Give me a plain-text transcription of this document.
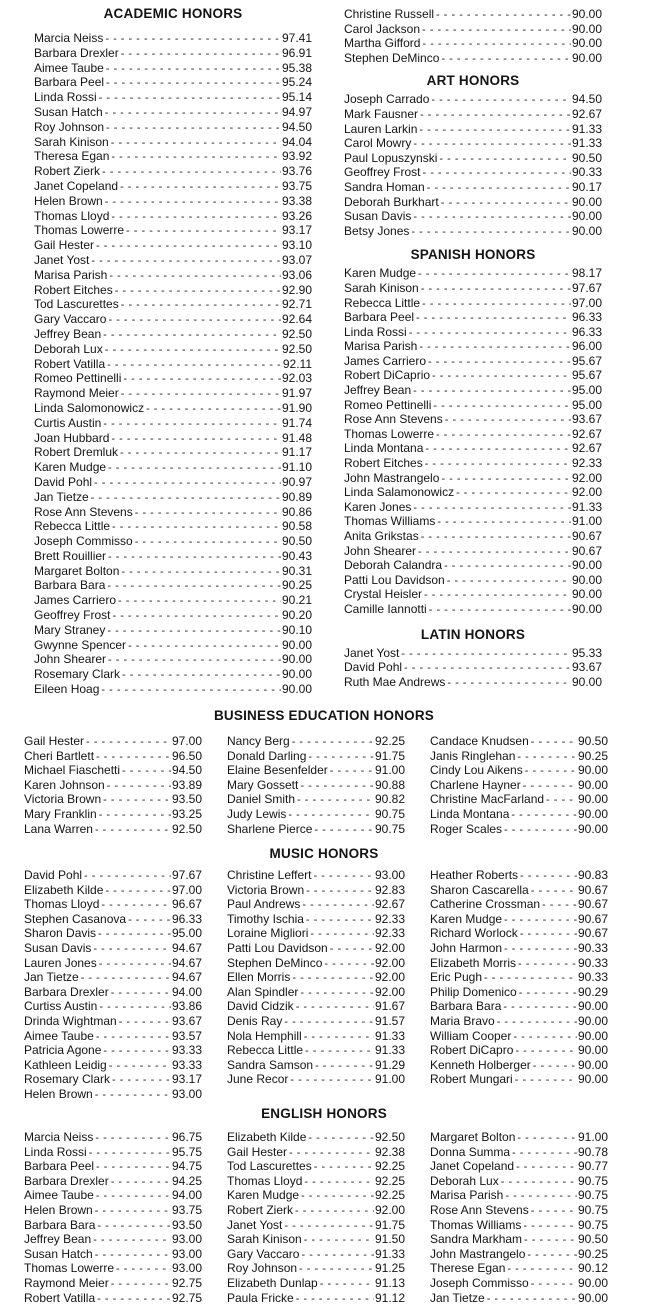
ACADEMIC HONORS
Marcia Neiss - - -	97.41
Barbara Drexler - - -	96.91
Aimee Taube - - -	95.38
Barbara Peel - - -	95.24
Linda Rossi - - -	95.14
Susan Hatch - - -	94.97
Roy Johnson - - -	94.50
Sarah Kinison - - -	94.04
Theresa Egan - - -	93.92
Robert Zierk - - -	93.76
Janet Copeland - - -	93.75
Helen Brown - - -	93.38
Thomas Lloyd - - -	93.26
Thomas Lowerre - - -	93.17
Gail Hester - - -	93.10
Janet Yost - - -	93.07
Marisa Parish - - -	93.06
Robert Eitches - - -	92.90
Tod Lascurettes - - -	92.71
Gary Vaccaro - - -	92.64
Jeffrey Bean - - -	92.50
Deborah Lux - - -	92.50
Robert Vatilla - - -	92.11
Romeo Pettinelli - - -	92.03
Raymond Meier - - -	91.97
Linda Salomonowicz - - -	91.90
Curtis Austin - - -	91.74
Joan Hubbard - - -	91.48
Robert Dremluk - - -	91.17
Karen Mudge - - -	91.10
David Pohl - - -	90.97
Jan Tietze - - -	90.89
Rose Ann Stevens - - -	90.86
Rebecca Little - - -	90.58
Joseph Commisso - - -	90.50
Brett Rouillier - - -	90.43
Margaret Bolton - - -	90.31
Barbara Bara - - -	90.25
James Carriero - - -	90.21
Geoffrey Frost - - -	90.20
Mary Straney - - -	90.10
Gwynne Spencer - - -	90.00
John Shearer - - -	90.00
Rosemary Clark - - -	90.00
Eileen Hoag - - -	90.00
Christine Russell - - -	90.00
Carol Jackson - - -	90.00
Martha Gifford - - -	90.00
Stephen DeMinco - - -	90.00
ART HONORS
Joseph Carrado - - -	94.50
Mark Fausner - - -	92.67
Lauren Larkin - - -	91.33
Carol Mowry - - -	91.33
Paul Lopuszynski - - -	90.50
Geoffrey Frost - - -	90.33
Sandra Homan - - -	90.17
Deborah Burkhart - - -	90.00
Susan Davis - - -	90.00
Betsy Jones - - -	90.00
SPANISH HONORS
Karen Mudge - - -	98.17
Sarah Kinison - - -	97.67
Rebecca Little - - -	97.00
Barbara Peel - - -	96.33
Linda Rossi - - -	96.33
Marisa Parish - - -	96.00
James Carriero - - -	95.67
Robert DiCaprio - - -	95.67
Jeffrey Bean - - -	95.00
Romeo Pettinelli - - -	95.00
Rose Ann Stevens - - -	93.67
Thomas Lowerre - - -	92.67
Linda Montana - - -	92.67
Robert Eitches - - -	92.33
John Mastrangelo - - -	92.00
Linda Salamonowicz - - -	92.00
Karen Jones - - -	91.33
Thomas Williams - - -	91.00
Anita Grikstas - - -	90.67
John Shearer - - -	90.67
Deborah Calandra - - -	90.00
Patti Lou Davidson - - -	90.00
Crystal Heisler - - -	90.00
Camille Iannotti - - -	90.00
LATIN HONORS
Janet Yost - - -	95.33
David Pohl - - -	93.67
Ruth Mae Andrews - - -	90.00
BUSINESS EDUCATION HONORS
Gail Hester - - -	97.00
Cheri Bartlett - - -	96.50
Michael Fiaschetti - - -	94.50
Karen Johnson - - -	93.89
Victoria Brown - - -	93.50
Mary Franklin - - -	93.25
Lana Warren - - -	92.50
Nancy Berg - - -	92.25
Donald Darling - - -	91.75
Elaine Besenfelder - - -	91.00
Mary Gossett - - -	90.88
Daniel Smith - - -	90.82
Judy Lewis - - -	90.75
Sharlene Pierce - - -	90.75
Candace Knudsen - - -	90.50
Janis Ringlehan - - -	90.25
Cindy Lou Aikens - - -	90.00
Charlene Hayner - - -	90.00
Christine MacFarland - - -	90.00
Linda Montana - - -	90.00
Roger Scales - - -	90.00
MUSIC HONORS
David Pohl - - -	97.67
Elizabeth Kilde - - -	97.00
Thomas Lloyd - - -	96.67
Stephen Casanova - - -	96.33
Sharon Davis - - -	95.00
Susan Davis - - -	94.67
Lauren Jones - - -	94.67
Jan Tietze - - -	94.67
Barbara Drexler - - -	94.00
Curtiss Austin - - -	93.86
Drinda Wightman - - -	93.67
Aimee Taube - - -	93.57
Patricia Agone - - -	93.33
Kathleen Leidig - - -	93.33
Rosemary Clark - - -	93.17
Helen Brown - - -	93.00
Christine Leffert - - -	93.00
Victoria Brown - - -	92.83
Paul Andrews - - -	92.67
Timothy Ischia - - -	92.33
Loraine Migliori - - -	92.33
Patti Lou Davidson - - -	92.00
Stephen DeMinco - - -	92.00
Ellen Morris - - -	92.00
Alan Spindler - - -	92.00
David Cidzik - - -	91.67
Denis Ray - - -	91.57
Nola Hemphill - - -	91.33
Rebecca Little - - -	91.33
Sandra Samson - - -	91.29
June Recor - - -	91.00
Heather Roberts - - -	90.83
Sharon Cascarella - - -	90.67
Catherine Crossman - - -	90.67
Karen Mudge - - -	90.67
Richard Worlock - - -	90.67
John Harmon - - -	90.33
Elizabeth Morris - - -	90.33
Eric Pugh - - -	90.33
Philip Domenico - - -	90.29
Barbara Bara - - -	90.00
Maria Bravo - - -	90.00
William Cooper - - -	90.00
Robert DiCapro - - -	90.00
Kenneth Holberger - - -	90.00
Robert Mungari - - -	90.00
ENGLISH HONORS
Marcia Neiss - - -	96.75
Linda Rossi - - -	95.75
Barbara Peel - - -	94.75
Barbara Drexler - - -	94.25
Aimee Taube - - -	94.00
Helen Brown - - -	93.75
Barbara Bara - - -	93.50
Jeffrey Bean - - -	93.00
Susan Hatch - - -	93.00
Thomas Lowerre - - -	93.00
Raymond Meier - - -	92.75
Robert Vatilla - - -	92.75
Elizabeth Kilde - - -	92.50
Gail Hester - - -	92.38
Tod Lascurettes - - -	92.25
Thomas Lloyd - - -	92.25
Karen Mudge - - -	92.25
Robert Zierk - - -	92.00
Janet Yost - - -	91.75
Sarah Kinison - - -	91.50
Gary Vaccaro - - -	91.33
Roy Johnson - - -	91.25
Elizabeth Dunlap - - -	91.13
Paula Fricke - - -	91.12
Margaret Bolton - - -	91.00
Donna Summa - - -	90.78
Janet Copeland - - -	90.77
Deborah Lux - - -	90.75
Marisa Parish - - -	90.75
Rose Ann Stevens - - -	90.75
Thomas Williams - - -	90.75
Sandra Markham - - -	90.50
John Mastrangelo - - -	90.25
Therese Egan - - -	90.12
Joseph Commisso - - -	90.00
Jan Tietze - - -	90.00
